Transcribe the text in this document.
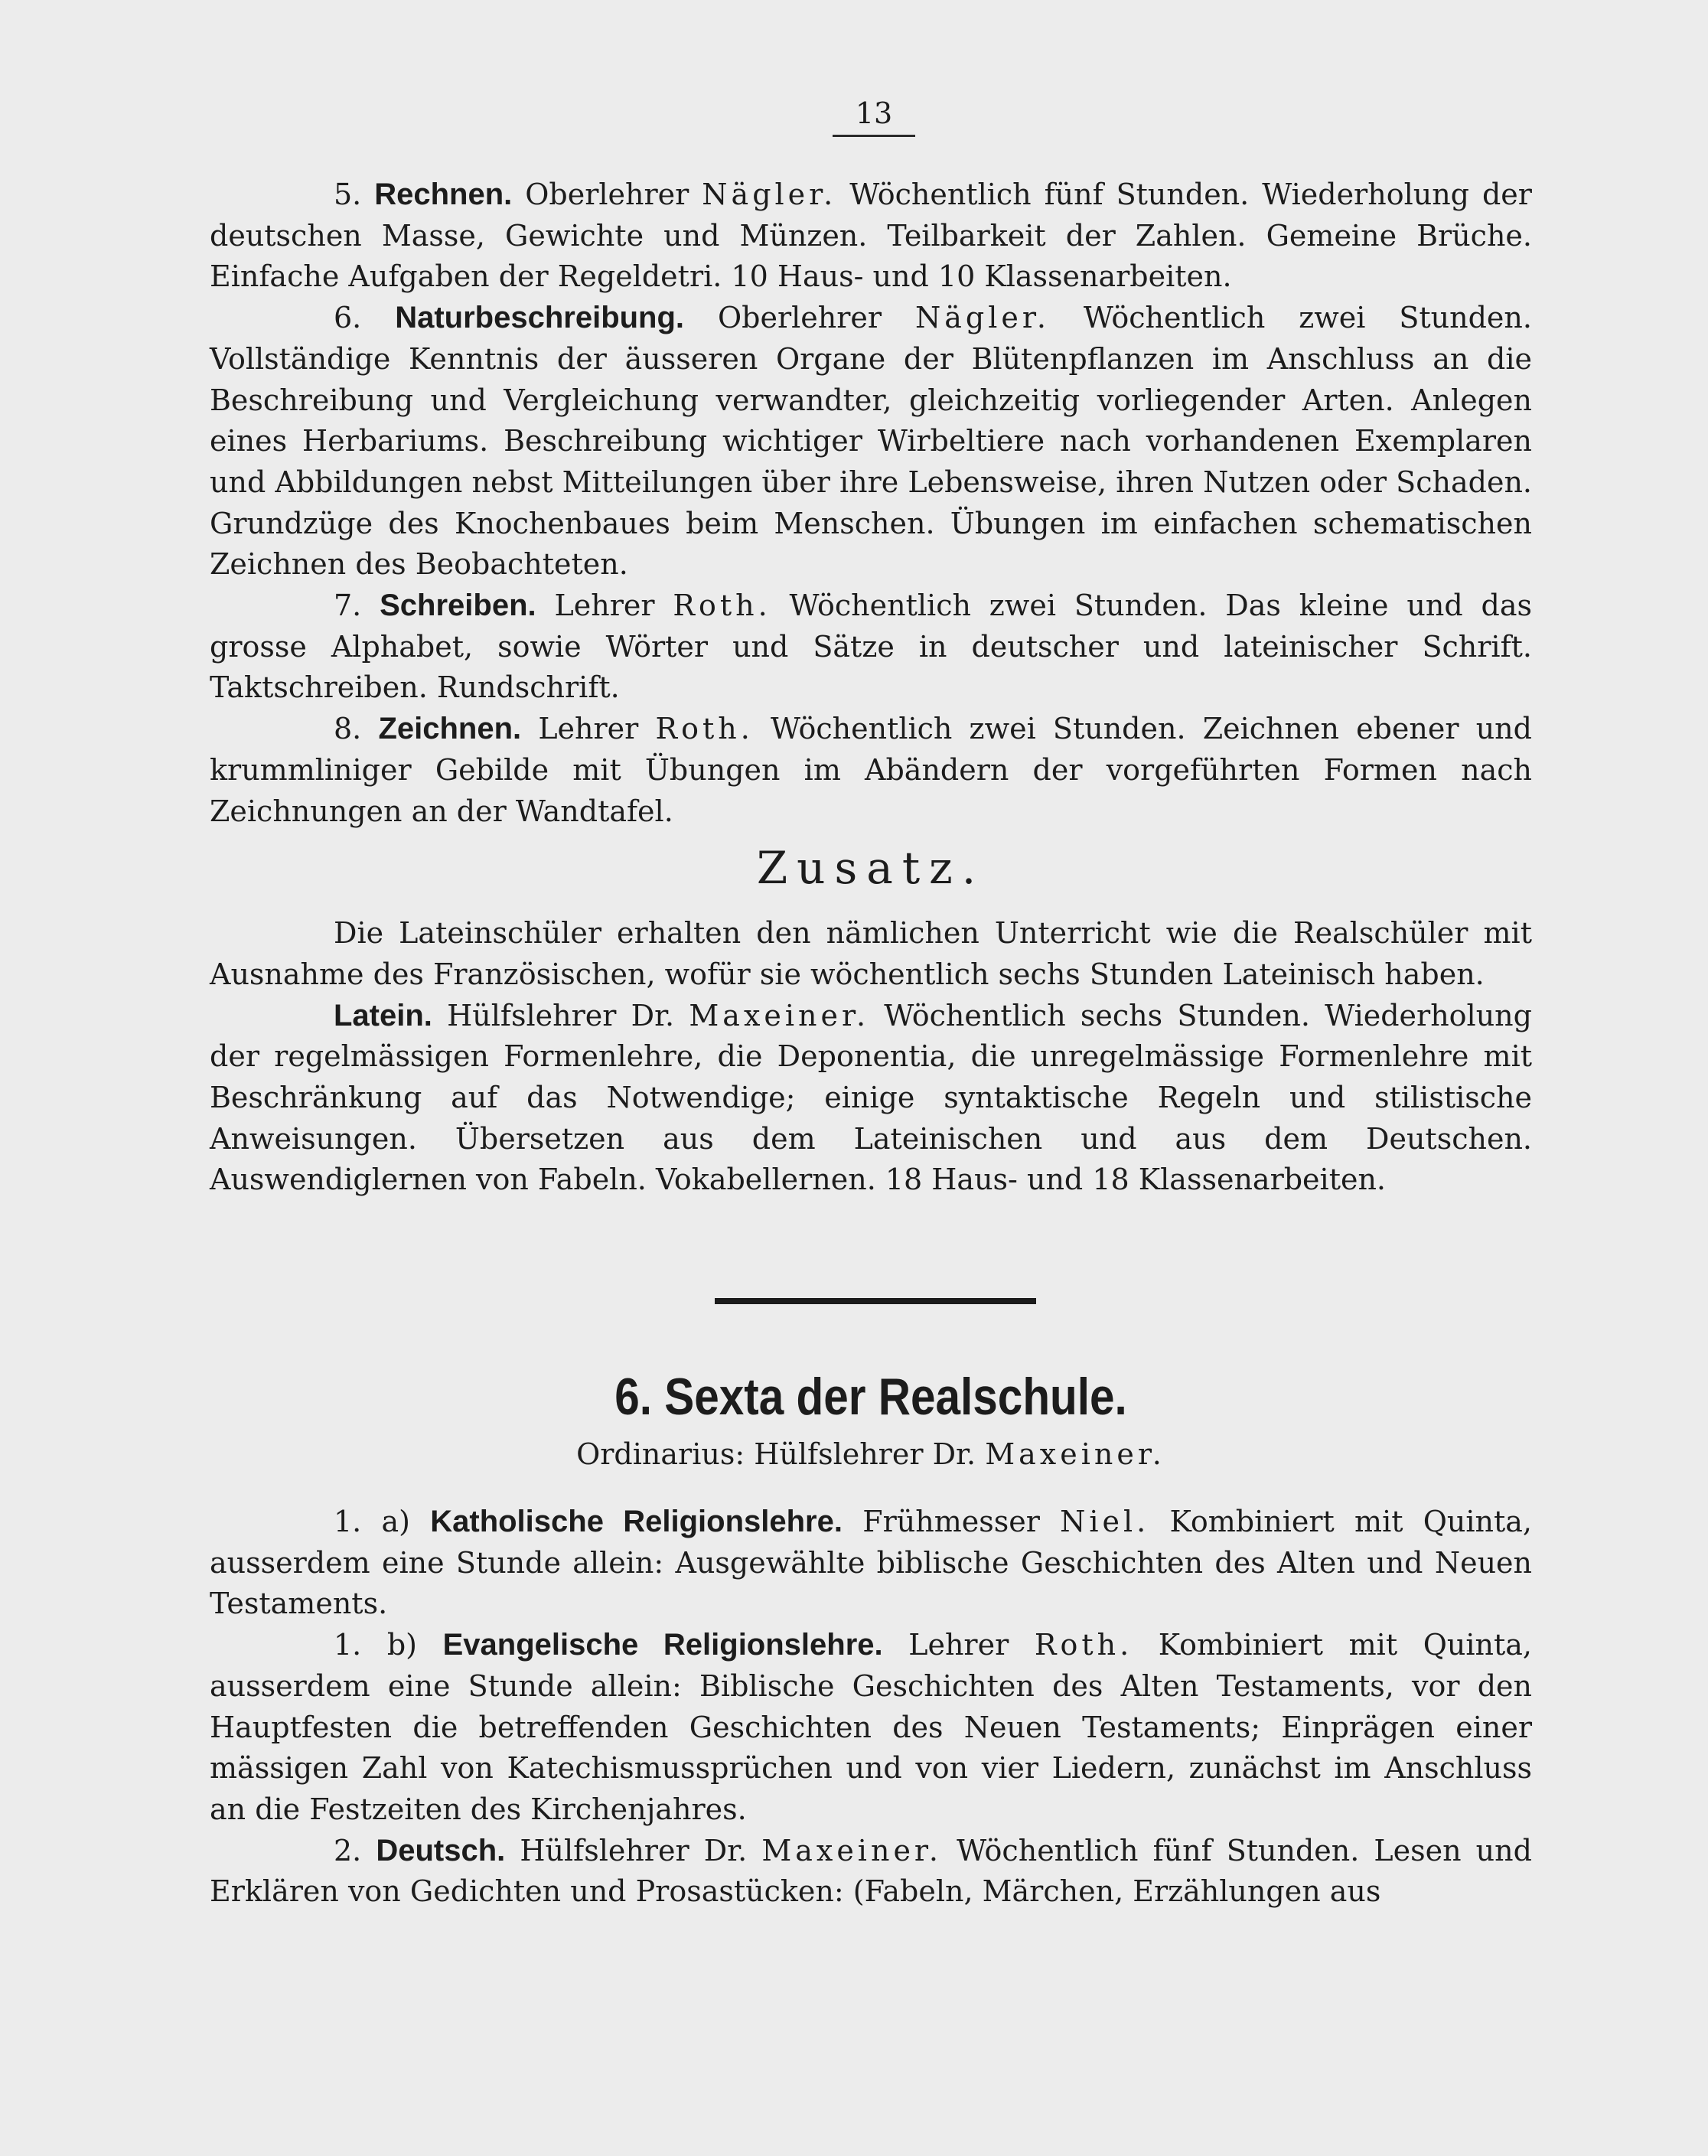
13

5. Rechnen. Oberlehrer Nägler. Wöchentlich fünf Stunden. Wiederholung der deutschen Masse, Gewichte und Münzen. Teilbarkeit der Zahlen. Gemeine Brüche. Einfache Aufgaben der Regeldetri. 10 Haus- und 10 Klassenarbeiten.

6. Naturbeschreibung. Oberlehrer Nägler. Wöchentlich zwei Stunden. Vollständige Kenntnis der äusseren Organe der Blütenpflanzen im Anschluss an die Beschreibung und Vergleichung verwandter, gleichzeitig vorliegender Arten. Anlegen eines Herbariums. Beschreibung wichtiger Wirbeltiere nach vorhandenen Exemplaren und Abbildungen nebst Mitteilungen über ihre Lebensweise, ihren Nutzen oder Schaden. Grundzüge des Knochenbaues beim Menschen. Übungen im einfachen schematischen Zeichnen des Beobachteten.

7. Schreiben. Lehrer Roth. Wöchentlich zwei Stunden. Das kleine und das grosse Alphabet, sowie Wörter und Sätze in deutscher und lateinischer Schrift. Taktschreiben. Rundschrift.

8. Zeichnen. Lehrer Roth. Wöchentlich zwei Stunden. Zeichnen ebener und krummliniger Gebilde mit Übungen im Abändern der vorgeführten Formen nach Zeichnungen an der Wandtafel.

Zusatz.

Die Lateinschüler erhalten den nämlichen Unterricht wie die Realschüler mit Ausnahme des Französischen, wofür sie wöchentlich sechs Stunden Lateinisch haben.

Latein. Hülfslehrer Dr. Maxeiner. Wöchentlich sechs Stunden. Wiederholung der regelmässigen Formenlehre, die Deponentia, die unregelmässige Formenlehre mit Beschränkung auf das Notwendige; einige syntaktische Regeln und stilistische Anweisungen. Übersetzen aus dem Lateinischen und aus dem Deutschen. Auswendiglernen von Fabeln. Vokabellernen. 18 Haus- und 18 Klassenarbeiten.

6. Sexta der Realschule.
Ordinarius: Hülfslehrer Dr. Maxeiner.

1. a) Katholische Religionslehre. Frühmesser Niel. Kombiniert mit Quinta, ausserdem eine Stunde allein: Ausgewählte biblische Geschichten des Alten und Neuen Testaments.

1. b) Evangelische Religionslehre. Lehrer Roth. Kombiniert mit Quinta, ausserdem eine Stunde allein: Biblische Geschichten des Alten Testaments, vor den Hauptfesten die betreffenden Geschichten des Neuen Testaments; Einprägen einer mässigen Zahl von Katechismussprüchen und von vier Liedern, zunächst im Anschluss an die Festzeiten des Kirchenjahres.

2. Deutsch. Hülfslehrer Dr. Maxeiner. Wöchentlich fünf Stunden. Lesen und Erklären von Gedichten und Prosastücken: (Fabeln, Märchen, Erzählungen aus
